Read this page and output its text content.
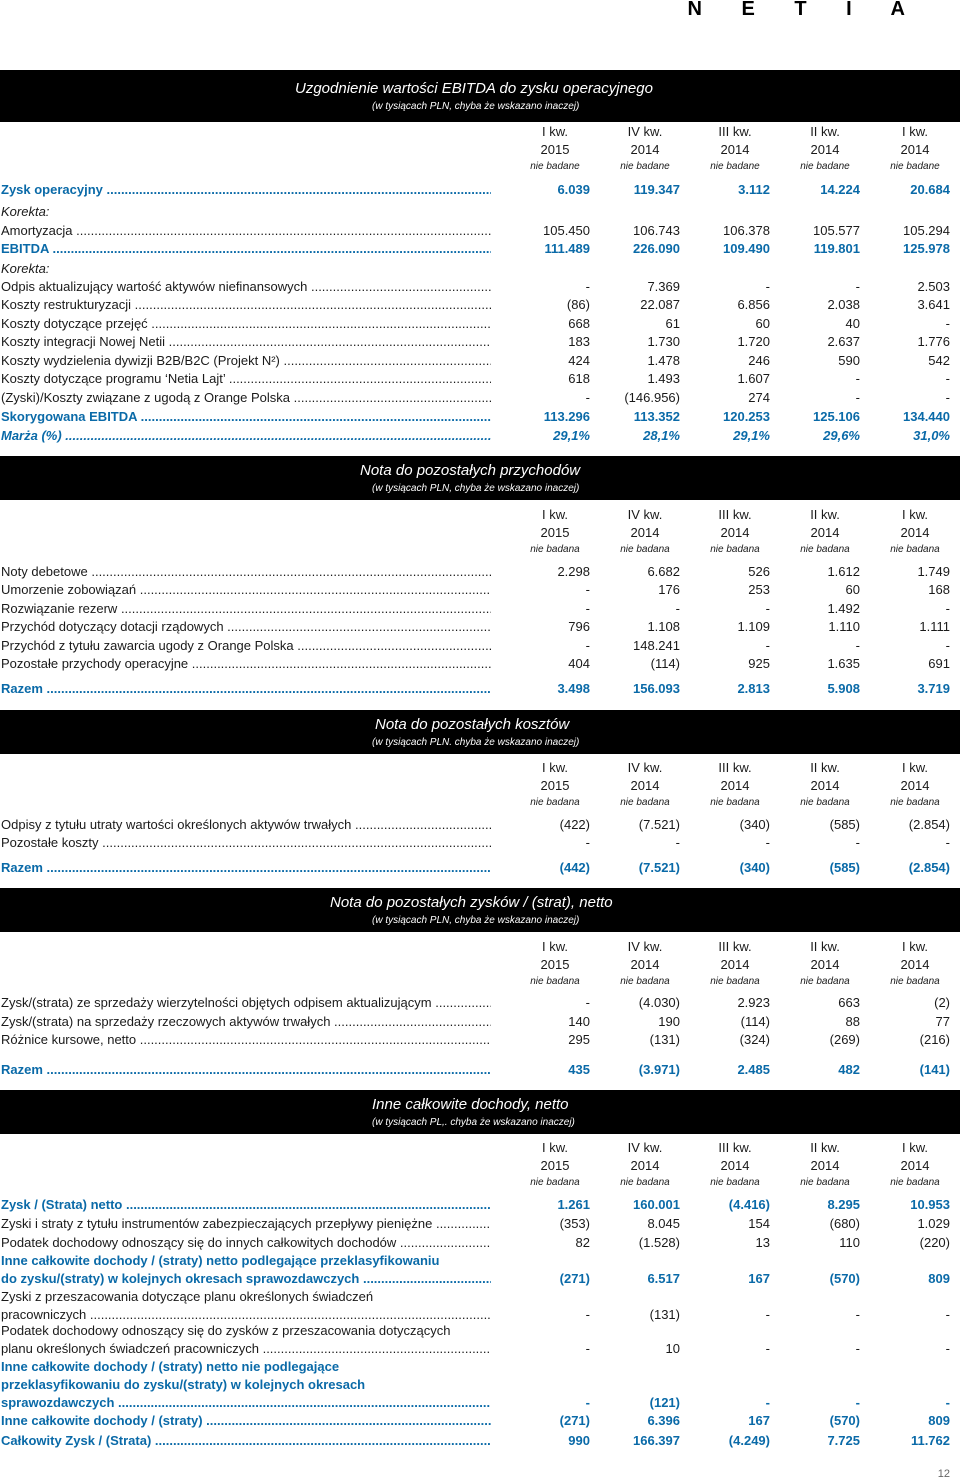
N E T I A
Uzgodnienie wartości EBITDA do zysku operacyjnego
(w tysiącach PLN, chyba że wskazano inaczej)
I kw.
2015
nie badane
IV kw.
2014
nie badane
III kw.
2014
nie badane
II kw.
2014
nie badane
I kw.
2014
nie badane
Zysk operacyjny .....	6.039	119.347	3.112	14.224	20.684
Korekta:
Amortyzacja .....	105.450	106.743	106.378	105.577	105.294
EBITDA .....	111.489	226.090	109.490	119.801	125.978
Korekta:
Odpis aktualizujący wartość aktywów niefinansowych .....	-	7.369	-	-	2.503
Koszty restrukturyzacji .....	(86)	22.087	6.856	2.038	3.641
Koszty dotyczące przejęć .....	668	61	60	40	-
Koszty integracji Nowej Netii .....	183	1.730	1.720	2.637	1.776
Koszty wydzielenia dywizji B2B/B2C (Projekt N²) .....	424	1.478	246	590	542
Koszty dotyczące programu ‘Netia Lajt’ .....	618	1.493	1.607	-	-
(Zyski)/Koszty związane z ugodą z Orange Polska .....	-	(146.956)	274	-	-
Skorygowana EBITDA .....	113.296	113.352	120.253	125.106	134.440
Marża (%) .....	29,1%	28,1%	29,1%	29,6%	31,0%
Nota do pozostałych przychodów
(w tysiącach PLN, chyba że wskazano inaczej)
I kw.
2015
nie badana
IV kw.
2014
nie badana
III kw.
2014
nie badana
II kw.
2014
nie badana
I kw.
2014
nie badana
Noty debetowe .....	2.298	6.682	526	1.612	1.749
Umorzenie zobowiązań .....	-	176	253	60	168
Rozwiązanie rezerw .....	-	-	-	1.492	-
Przychód dotyczący dotacji rządowych .....	796	1.108	1.109	1.110	1.111
Przychód z tytułu zawarcia ugody z Orange Polska .....	-	148.241	-	-	-
Pozostałe przychody operacyjne .....	404	(114)	925	1.635	691
Razem .....	3.498	156.093	2.813	5.908	3.719
Nota do pozostałych kosztów
(w tysiącach PLN. chyba że wskazano inaczej)
I kw.
2015
nie badana
IV kw.
2014
nie badana
III kw.
2014
nie badana
II kw.
2014
nie badana
I kw.
2014
nie badana
Odpisy z tytułu utraty wartości określonych aktywów trwałych .....	(422)	(7.521)	(340)	(585)	(2.854)
Pozostałe koszty .....	-	-	-	-	-
Razem .....	(442)	(7.521)	(340)	(585)	(2.854)
Nota do pozostałych zysków / (strat), netto
(w tysiącach PLN, chyba że wskazano inaczej)
I kw.
2015
nie badana
IV kw.
2014
nie badana
III kw.
2014
nie badana
II kw.
2014
nie badana
I kw.
2014
nie badana
Zysk/(strata) ze sprzedaży wierzytelności objętych odpisem aktualizującym .....	-	(4.030)	2.923	663	(2)
Zysk/(strata) na sprzedaży rzeczowych aktywów trwałych .....	140	190	(114)	88	77
Różnice kursowe, netto .....	295	(131)	(324)	(269)	(216)
Razem .....	435	(3.971)	2.485	482	(141)
Inne całkowite dochody, netto
(w tysiącach PL,. chyba że wskazano inaczej)
I kw.
2015
nie badana
IV kw.
2014
nie badana
III kw.
2014
nie badana
II kw.
2014
nie badana
I kw.
2014
nie badana
Zysk / (Strata) netto .....	1.261	160.001	(4.416)	8.295	10.953
Zyski i straty z tytułu instrumentów zabezpieczających przepływy pieniężne .....	(353)	8.045	154	(680)	1.029
Podatek dochodowy odnoszący się do innych całkowitych dochodów .....	82	(1.528)	13	110	(220)
Inne całkowite dochody / (straty) netto podlegające przeklasyfikowaniu
do zysku/(straty) w kolejnych okresach sprawozdawczych .....	(271)	6.517	167	(570)	809
Zyski z przeszacowania dotyczące planu określonych świadczeń
pracowniczych .....	-	(131)	-	-	-
Podatek dochodowy odnoszący się do zysków z przeszacowania dotyczących
planu określonych świadczeń pracowniczych .....	-	10	-	-	-
Inne całkowite dochody / (straty) netto nie podlegające
przeklasyfikowaniu do zysku/(straty) w kolejnych okresach
sprawozdawczych .....	-	(121)	-	-	-
Inne całkowite dochody / (straty) .....	(271)	6.396	167	(570)	809
Całkowity Zysk / (Strata) .....	990	166.397	(4.249)	7.725	11.762
12
